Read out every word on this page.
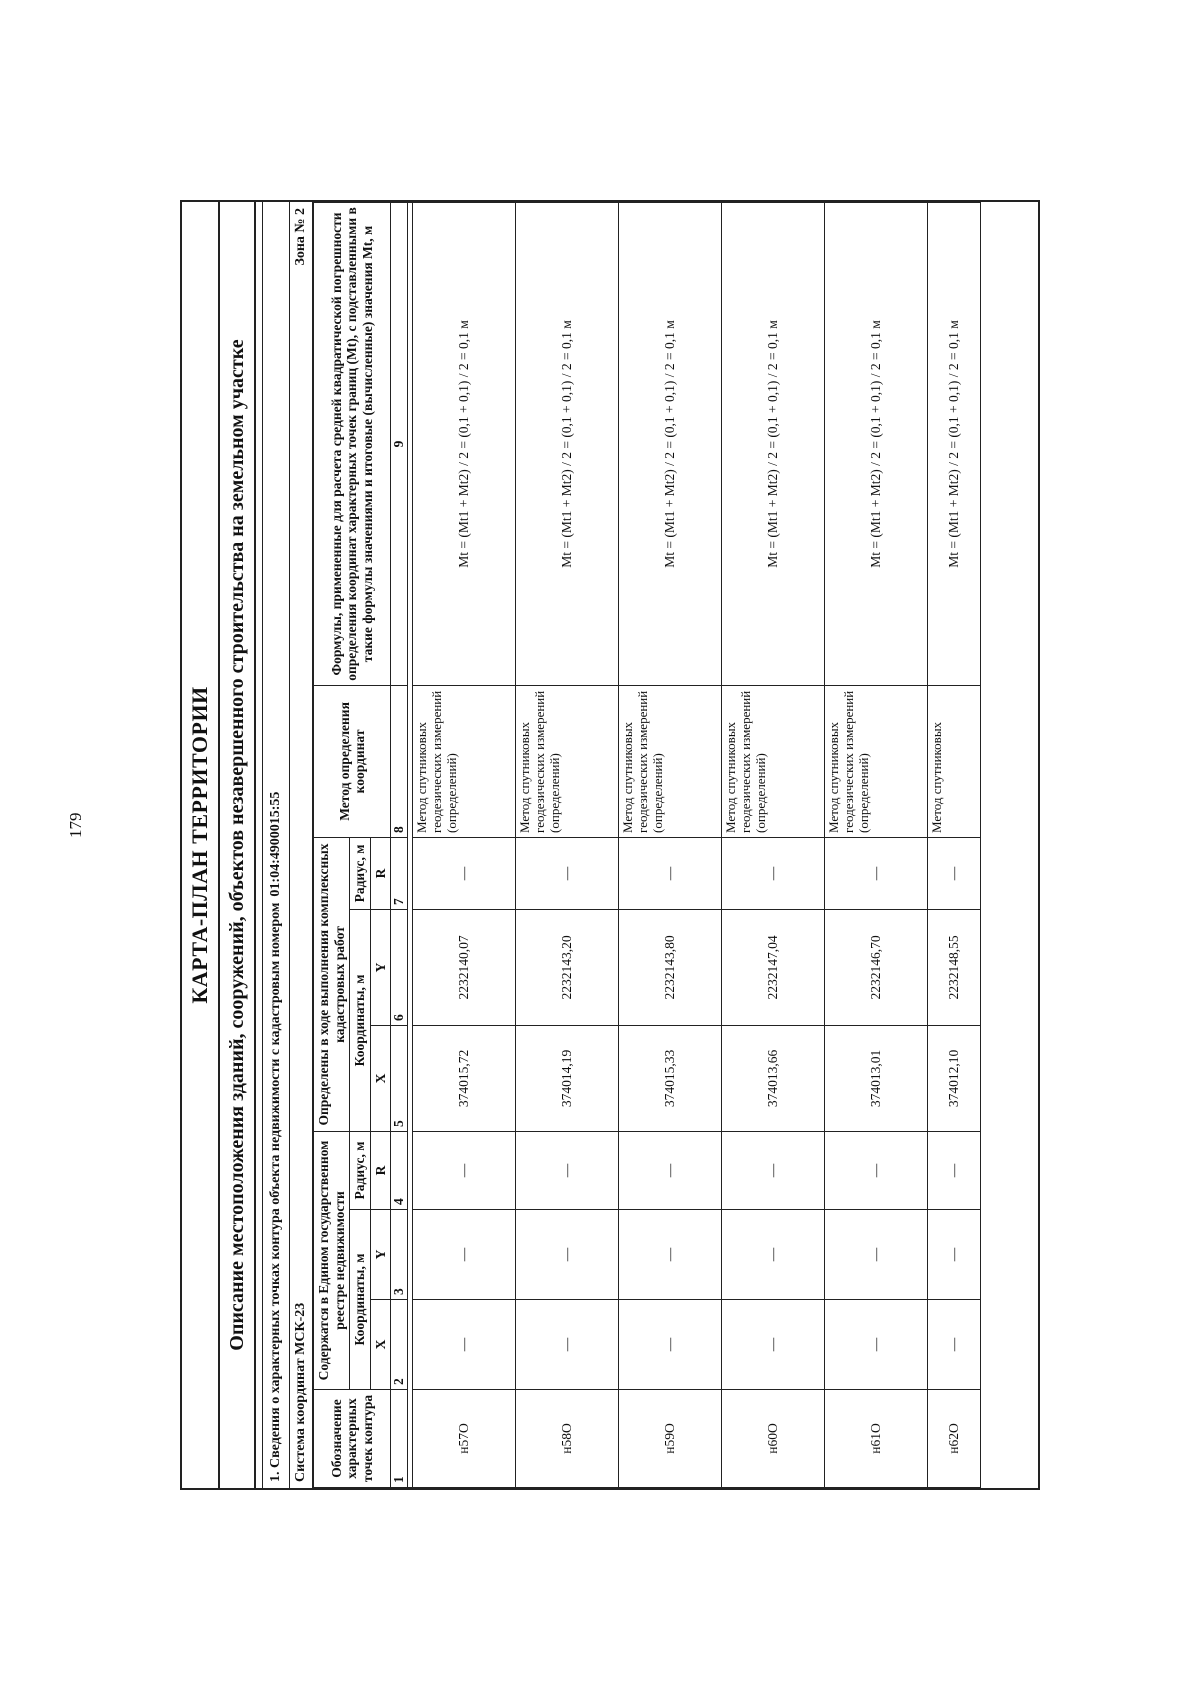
179	КАРТА-ПЛАН ТЕРРИТОРИИ Описание местоположения зданий, сооружений, объектов незавершенного строительства на земельном участке	1. Сведения о характерных точках контура объекта недвижимости с кадастровым номером
01:04:4900015:55
Система координат МСК-23
Зона № 2
Обозначение характерных точек контура	Содержатся в Едином государственном реестре недвижимости			Определены в ходе выполнения комплексных кадастровых работ			Метод определения координат	Формулы, примененные для расчета средней квадратической погрешности определения координат характерных точек границ (Mt), с подставленными в такие формулы значениями и итоговые (вычисленные) значения Mt, м
	Координаты, м		Радиус, м	Координаты, м		Радиус, м		
	X	Y	R	X	Y	R		
1	2	3	4	5	6	7	8	9

н57О	—	—	—	374015,72	2232140,07	—	Метод спутниковых геодезических измерений (определений)	Mt = (Mt1 + Mt2) / 2 = (0,1 + 0,1) / 2 = 0,1 м
н58О	—	—	—	374014,19	2232143,20	—	Метод спутниковых геодезических измерений (определений)	Mt = (Mt1 + Mt2) / 2 = (0,1 + 0,1) / 2 = 0,1 м
н59О	—	—	—	374015,33	2232143,80	—	Метод спутниковых геодезических измерений (определений)	Mt = (Mt1 + Mt2) / 2 = (0,1 + 0,1) / 2 = 0,1 м
н60О	—	—	—	374013,66	2232147,04	—	Метод спутниковых геодезических измерений (определений)	Mt = (Mt1 + Mt2) / 2 = (0,1 + 0,1) / 2 = 0,1 м
н61О	—	—	—	374013,01	2232146,70	—	Метод спутниковых геодезических измерений (определений)	Mt = (Mt1 + Mt2) / 2 = (0,1 + 0,1) / 2 = 0,1 м
н62О	—	—	—	374012,10	2232148,55	—	Метод спутниковых	Mt = (Mt1 + Mt2) / 2 = (0,1 + 0,1) / 2 = 0,1 м
